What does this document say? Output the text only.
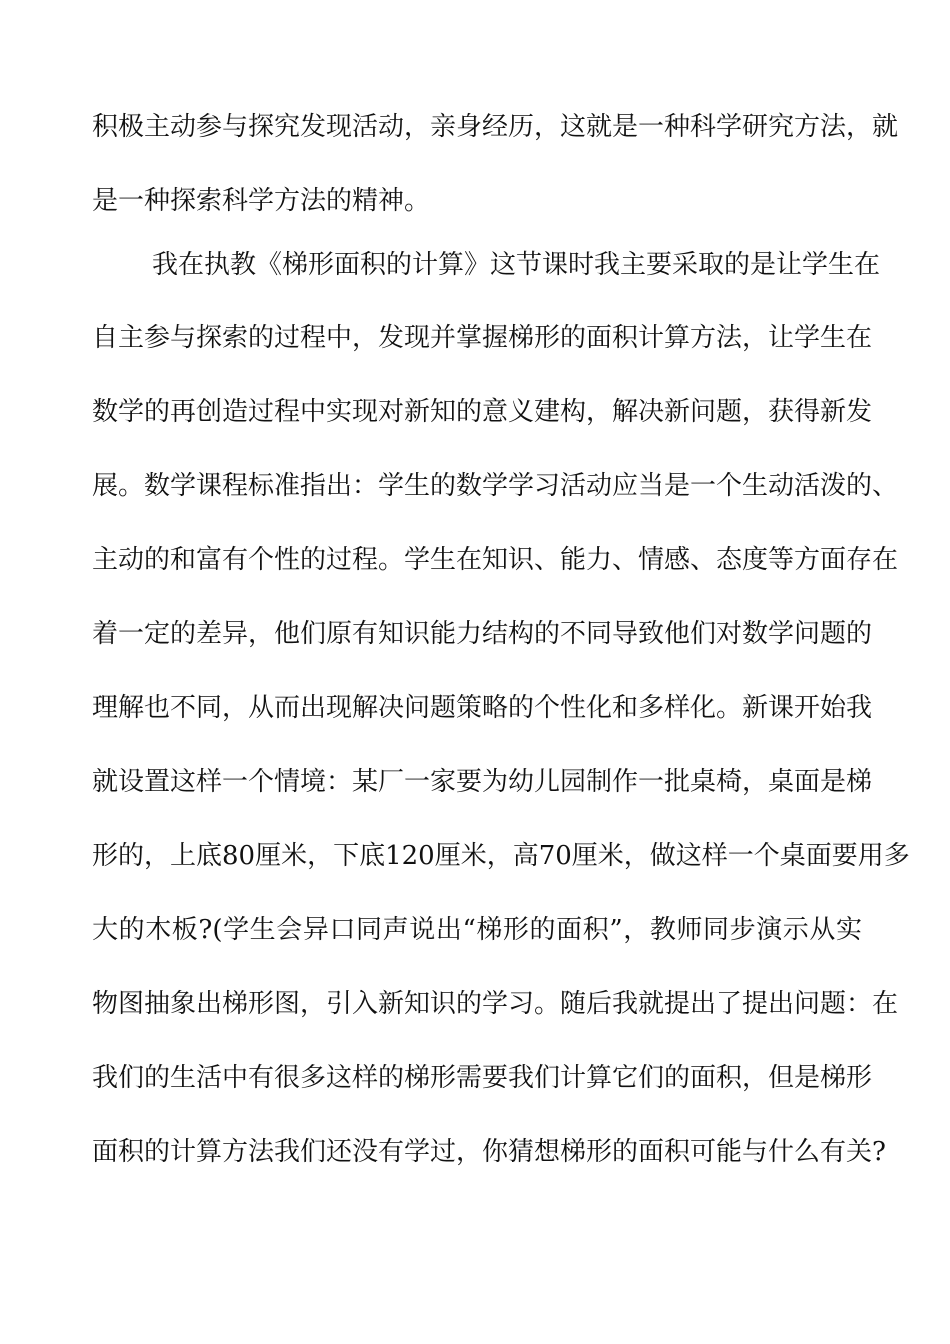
积极主动参与探究发现活动，亲身经历，这就是一种科学研究方法，就
是一种探索科学方法的精神。
我在执教《梯形面积的计算》这节课时我主要采取的是让学生在
自主参与探索的过程中，发现并掌握梯形的面积计算方法，让学生在
数学的再创造过程中实现对新知的意义建构，解决新问题，获得新发
展。数学课程标准指出：学生的数学学习活动应当是一个生动活泼的、
主动的和富有个性的过程。学生在知识、能力、情感、态度等方面存在
着一定的差异，他们原有知识能力结构的不同导致他们对数学问题的
理解也不同，从而出现解决问题策略的个性化和多样化。新课开始我
就设置这样一个情境：某厂一家要为幼儿园制作一批桌椅，桌面是梯
形的，上底80厘米，下底120厘米，高70厘米，做这样一个桌面要用多
大的木板?(学生会异口同声说出“梯形的面积”，教师同步演示从实
物图抽象出梯形图，引入新知识的学习。随后我就提出了提出问题：在
我们的生活中有很多这样的梯形需要我们计算它们的面积，但是梯形
面积的计算方法我们还没有学过，你猜想梯形的面积可能与什么有关?
